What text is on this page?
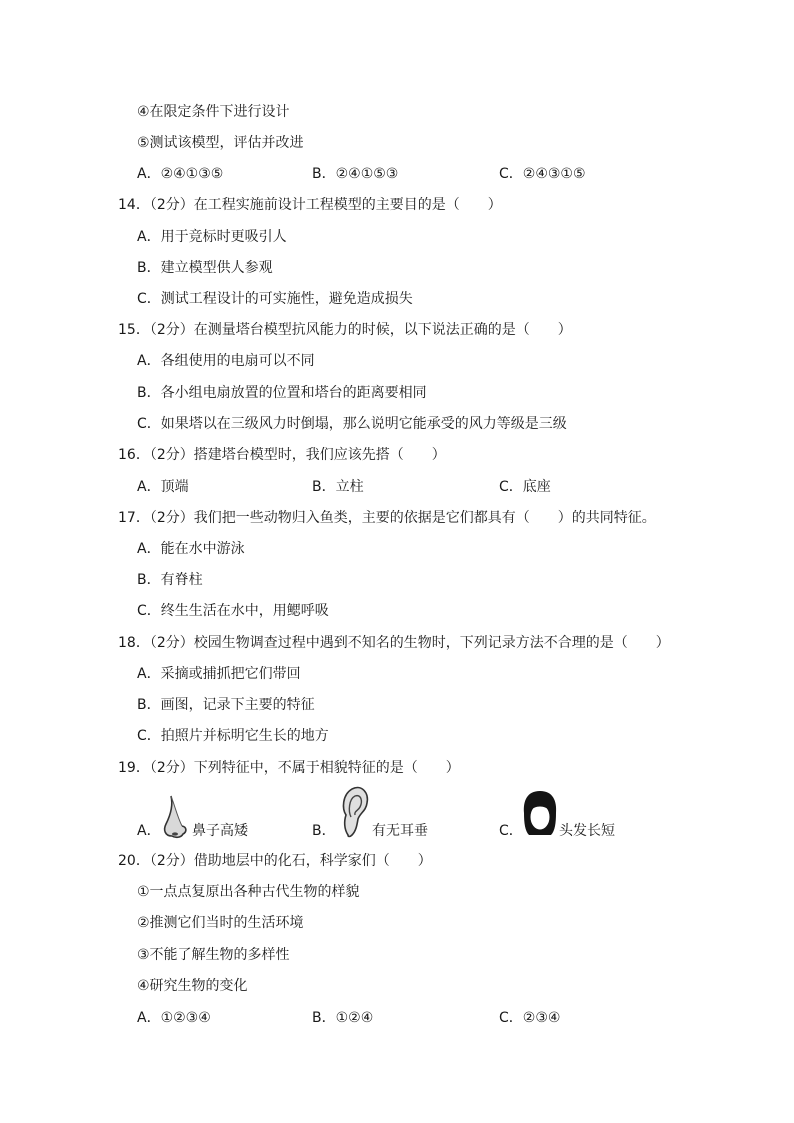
④在限定条件下进行设计
⑤测试该模型，评估并改进
A．②④①③⑤	B．②④①⑤③	C．②④③①⑤
14．（2分）在工程实施前设计工程模型的主要目的是（　　）
A．用于竞标时更吸引人
B．建立模型供人参观
C．测试工程设计的可实施性，避免造成损失
15．（2分）在测量塔台模型抗风能力的时候，以下说法正确的是（　　）
A．各组使用的电扇可以不同
B．各小组电扇放置的位置和塔台的距离要相同
C．如果塔以在三级风力时倒塌，那么说明它能承受的风力等级是三级
16．（2分）搭建塔台模型时，我们应该先搭（　　）
A．顶端	B．立柱	C．底座
17．（2分）我们把一些动物归入鱼类，主要的依据是它们都具有（　　）的共同特征。
A．能在水中游泳
B．有脊柱
C．终生生活在水中，用鳃呼吸
18．（2分）校园生物调查过程中遇到不知名的生物时，下列记录方法不合理的是（　　）
A．采摘或捕抓把它们带回
B．画图，记录下主要的特征
C．拍照片并标明它生长的地方
19．（2分）下列特征中，不属于相貌特征的是（　　）
A． 鼻子高矮	B．	有无耳垂	C．	头发长短
20．（2分）借助地层中的化石，科学家们（　　）
①一点点复原出各种古代生物的样貌
②推测它们当时的生活环境
③不能了解生物的多样性
④研究生物的变化
A．①②③④	B．①②④	C．②③④
